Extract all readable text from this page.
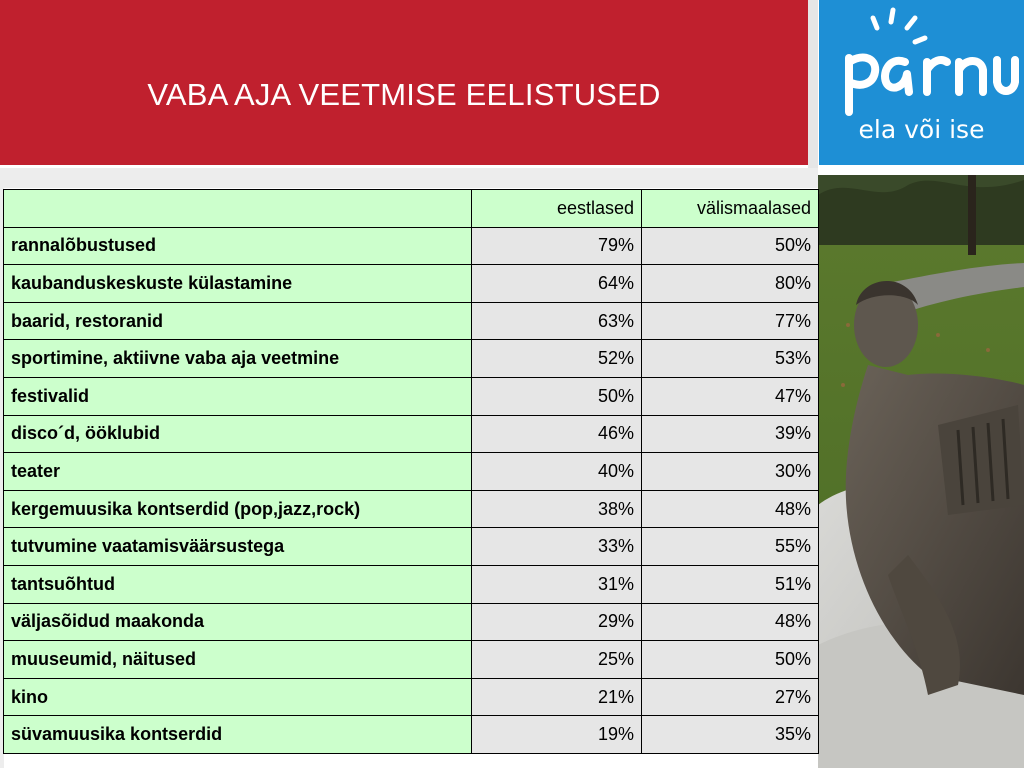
VABA AJA VEETMISE EELISTUSED
ela või ise
	eestlased	välismaalased
rannalõbustused	79%	50%
kaubanduskeskuste külastamine	64%	80%
baarid, restoranid	63%	77%
sportimine, aktiivne vaba aja veetmine	52%	53%
festivalid	50%	47%
disco´d, ööklubid	46%	39%
teater	40%	30%
kergemuusika kontserdid (pop,jazz,rock)	38%	48%
tutvumine vaatamisväärsustega	33%	55%
tantsuõhtud	31%	51%
väljasõidud maakonda	29%	48%
muuseumid, näitused	25%	50%
kino	21%	27%
süvamuusika kontserdid	19%	35%
